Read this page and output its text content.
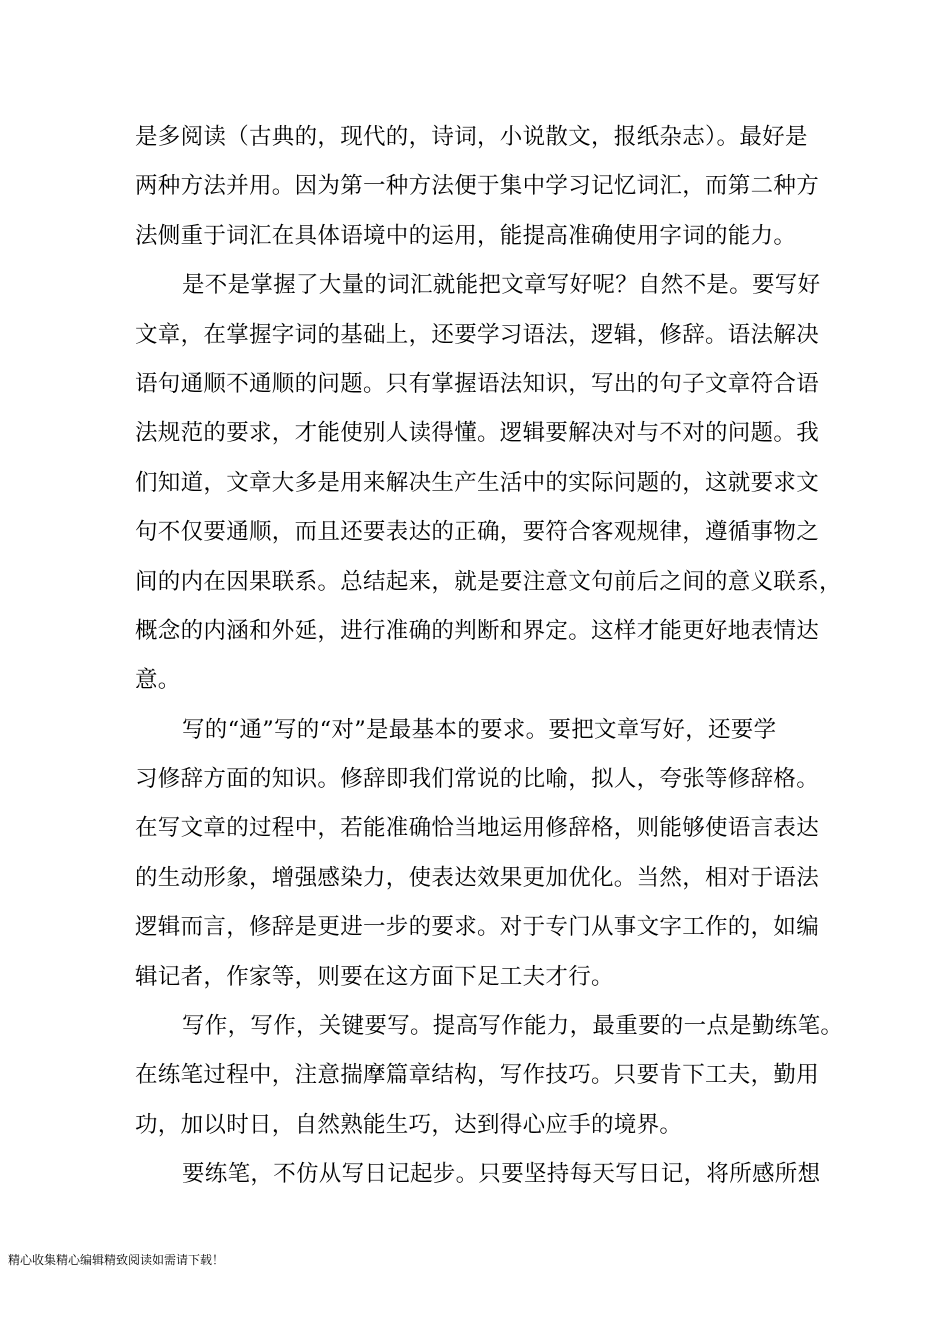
是多阅读（古典的，现代的，诗词，小说散文，报纸杂志）。最好是
两种方法并用。因为第一种方法便于集中学习记忆词汇，而第二种方
法侧重于词汇在具体语境中的运用，能提高准确使用字词的能力。
是不是掌握了大量的词汇就能把文章写好呢？自然不是。要写好
文章，在掌握字词的基础上，还要学习语法，逻辑，修辞。语法解决
语句通顺不通顺的问题。只有掌握语法知识，写出的句子文章符合语
法规范的要求，才能使别人读得懂。逻辑要解决对与不对的问题。我
们知道，文章大多是用来解决生产生活中的实际问题的，这就要求文
句不仅要通顺，而且还要表达的正确，要符合客观规律，遵循事物之
间的内在因果联系。总结起来，就是要注意文句前后之间的意义联系，
概念的内涵和外延，进行准确的判断和界定。这样才能更好地表情达
意。
写的“通”写的“对”是最基本的要求。要把文章写好，还要学
习修辞方面的知识。修辞即我们常说的比喻，拟人，夸张等修辞格。
在写文章的过程中，若能准确恰当地运用修辞格，则能够使语言表达
的生动形象，增强感染力，使表达效果更加优化。当然，相对于语法
逻辑而言，修辞是更进一步的要求。对于专门从事文字工作的，如编
辑记者，作家等，则要在这方面下足工夫才行。
写作，写作，关键要写。提高写作能力，最重要的一点是勤练笔。
在练笔过程中，注意揣摩篇章结构，写作技巧。只要肯下工夫，勤用
功，加以时日，自然熟能生巧，达到得心应手的境界。
要练笔，不仿从写日记起步。只要坚持每天写日记，将所感所想
精心收集精心编辑精致阅读如需请下载！
